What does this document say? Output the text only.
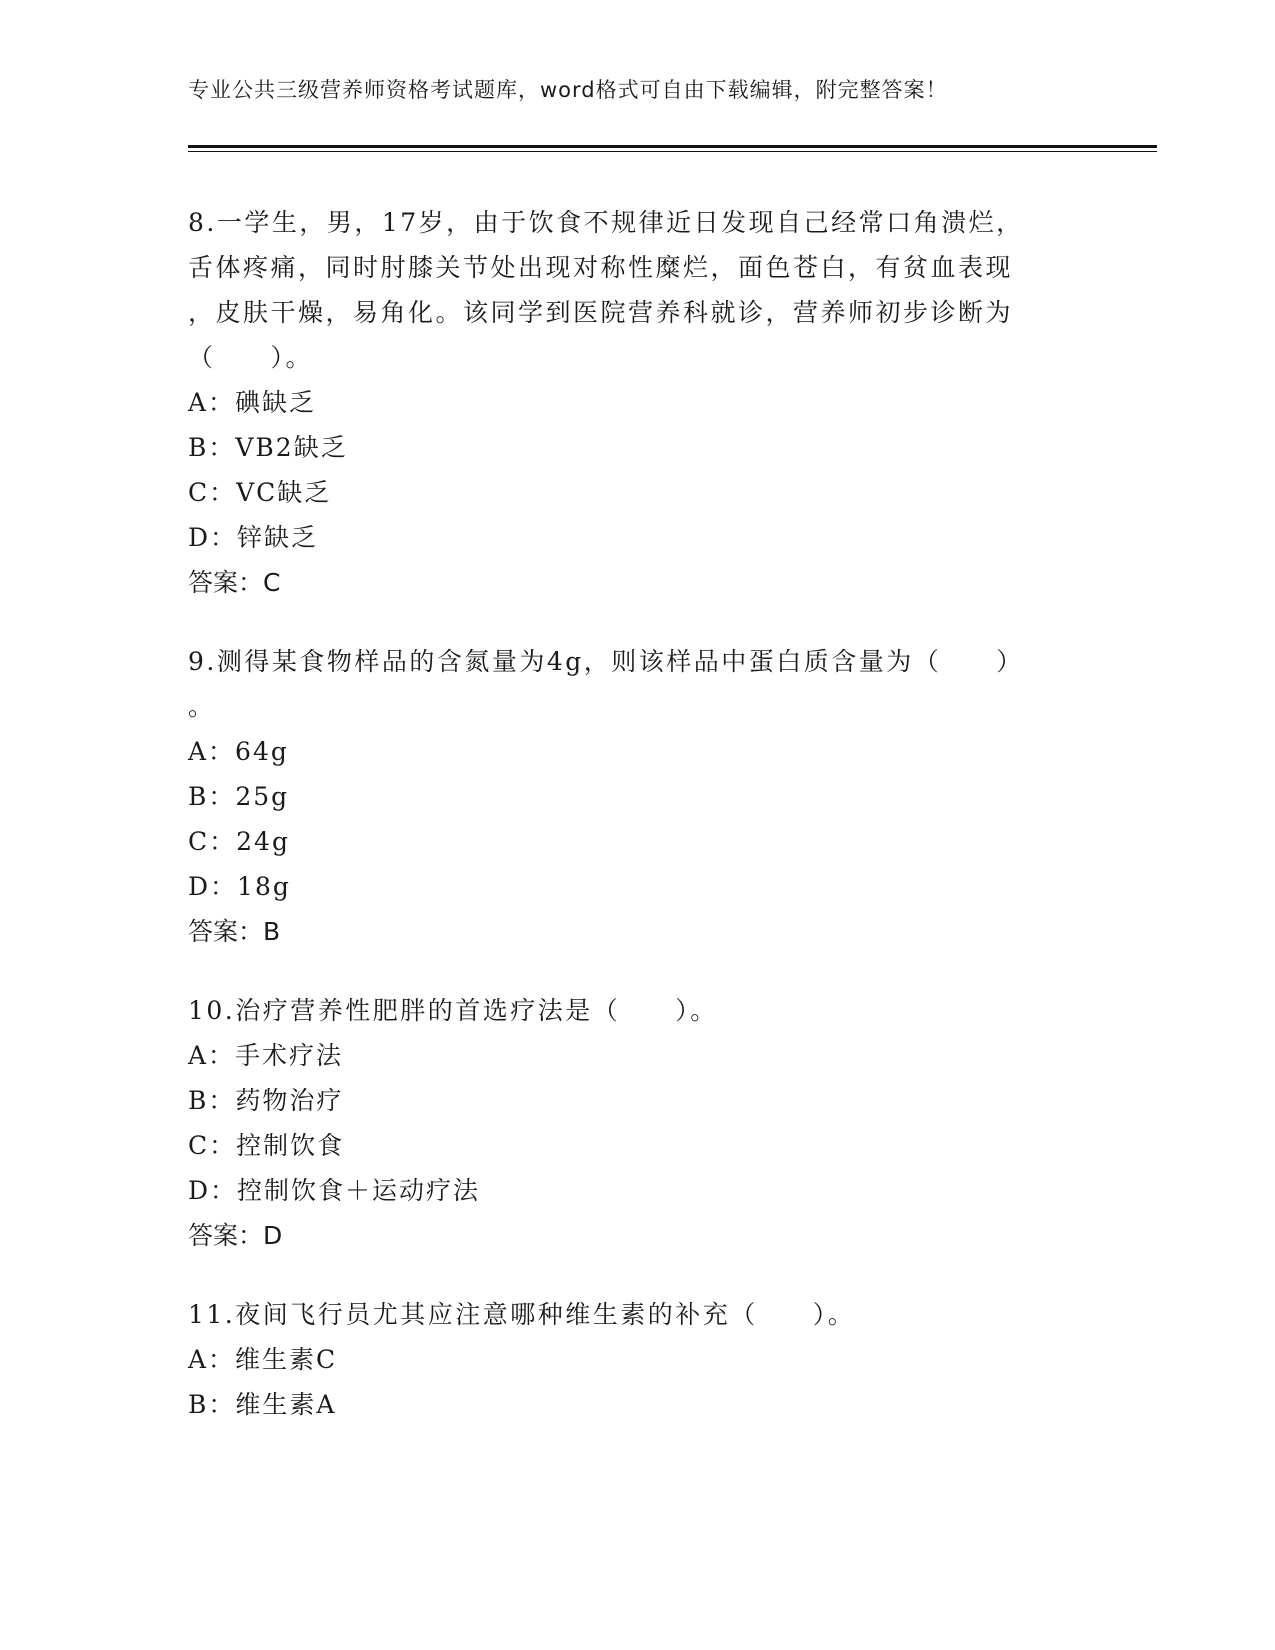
专业公共三级营养师资格考试题库，word格式可自由下载编辑，附完整答案！

8.一学生，男，17岁，由于饮食不规律近日发现自己经常口角溃烂，
舌体疼痛，同时肘膝关节处出现对称性糜烂，面色苍白，有贫血表现
，皮肤干燥，易角化。该同学到医院营养科就诊，营养师初步诊断为
（　　）。

A：碘缺乏
B：VB2缺乏
C：VC缺乏
D：锌缺乏
答案：C

9.测得某食物样品的含氮量为4g，则该样品中蛋白质含量为（　　）
。

A：64g
B：25g
C：24g
D：18g
答案：B

10.治疗营养性肥胖的首选疗法是（　　）。

A：手术疗法
B：药物治疗
C：控制饮食
D：控制饮食＋运动疗法
答案：D

11.夜间飞行员尤其应注意哪种维生素的补充（　　）。

A：维生素C
B：维生素A
